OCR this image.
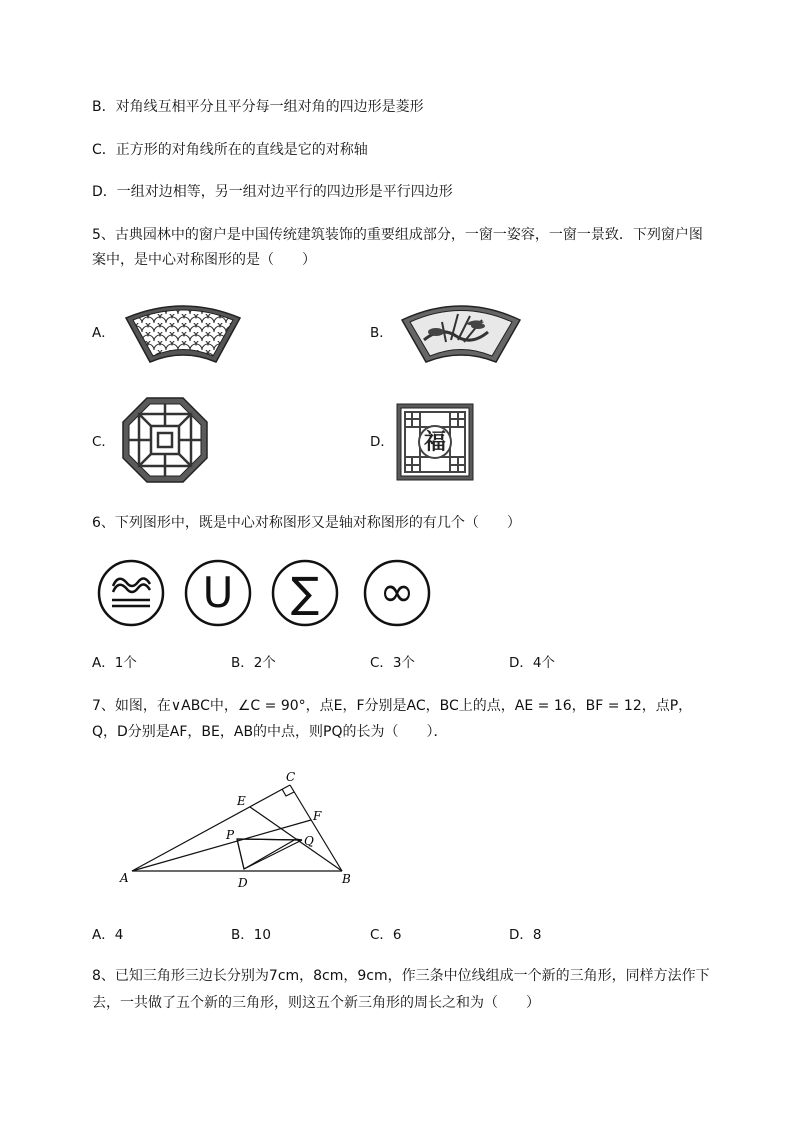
B．对角线互相平分且平分每一组对角的四边形是菱形
C．正方形的对角线所在的直线是它的对称轴
D．一组对边相等，另一组对边平行的四边形是平行四边形
5、古典园林中的窗户是中国传统建筑装饰的重要组成部分，一窗一姿容，一窗一景致．下列窗户图
案中，是中心对称图形的是（　　）
A．	B．
C．	D． 福
6、下列图形中，既是中心对称图形又是轴对称图形的有几个（　　）
U	∑	∞
A．1个	B．2个	C．3个	D．4个
7、如图，在∨ABC中，∠C = 90°，点E，F分别是AC，BC上的点，AE = 16，BF = 12，点P，
Q，D分别是AF，BE，AB的中点，则PQ的长为（　　）．
C
E
F
P	Q
A	D	B
A．4	B．10	C．6	D．8
8、已知三角形三边长分别为7cm，8cm，9cm，作三条中位线组成一个新的三角形，同样方法作下
去，一共做了五个新的三角形，则这五个新三角形的周长之和为（　　）
